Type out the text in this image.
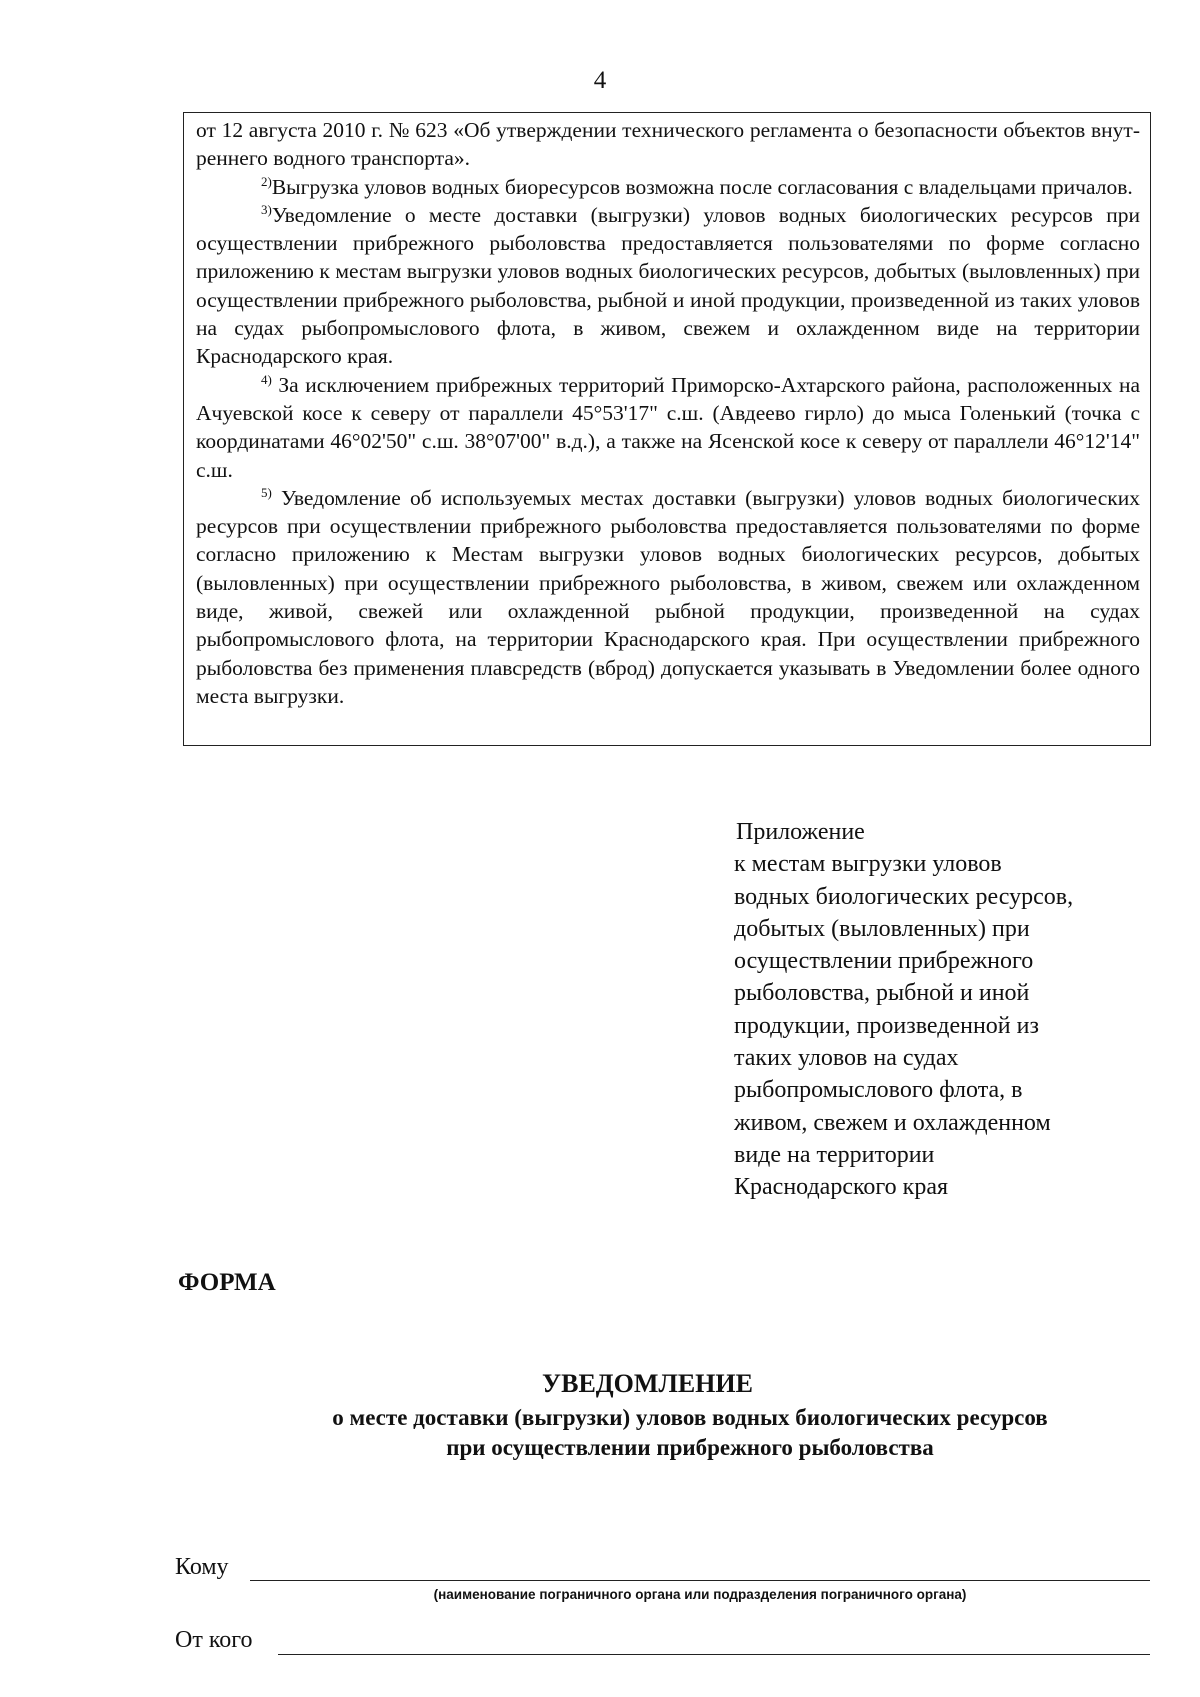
4

от 12 августа 2010 г. № 623 «Об утверждении технического регламента о безопасности объектов внут-реннего водного транспорта».

$^{2)}$Выгрузка уловов водных биоресурсов возможна после согласования с владельцами причалов.

$^{3)}$Уведомление о месте доставки (выгрузки) уловов водных биологических ресурсов при осуществлении прибрежного рыболовства предоставляется пользователями по форме согласно приложению к местам выгрузки уловов водных биологических ресурсов, добытых (выловленных) при осуществлении прибрежного рыболовства, рыбной и иной продукции, произведенной из таких уловов на судах рыбопромыслового флота, в живом, свежем и охлажденном виде на территории Краснодарского края.

$^{4)}$ За исключением прибрежных территорий Приморско-Ахтарского района, расположенных на Ачуевской косе к северу от параллели 45°53'17" с.ш. (Авдеево гирло) до мыса Голенький (точка с координатами 46°02'50" с.ш. 38°07'00" в.д.), а также на Ясенской косе к северу от параллели 46°12'14" с.ш.

$^{5)}$ Уведомление об используемых местах доставки (выгрузки) уловов водных биологических ресурсов при осуществлении прибрежного рыболовства предоставляется пользователями по форме согласно приложению к Местам выгрузки уловов водных биологических ресурсов, добытых (выловленных) при осуществлении прибрежного рыболовства, в живом, свежем или охлажденном виде, живой, свежей или охлажденной рыбной продукции, произведенной на судах рыбопромыслового флота, на территории Краснодарского края. При осуществлении прибрежного рыболовства без применения плавсредств (вброд) допускается указывать в Уведомлении более одного места выгрузки.

Приложение
к местам выгрузки уловов
водных биологических ресурсов,
добытых (выловленных) при
осуществлении прибрежного
рыболовства, рыбной и иной
продукции, произведенной из
таких уловов на судах
рыбопромыслового флота, в
живом, свежем и охлажденном
виде на территории
Краснодарского края
ФОРМА
УВЕДОМЛЕНИЕ
о месте доставки (выгрузки) уловов водных биологических ресурсов
при осуществлении прибрежного рыболовства
Кому
(наименование пограничного органа или подразделения пограничного органа)
От кого
